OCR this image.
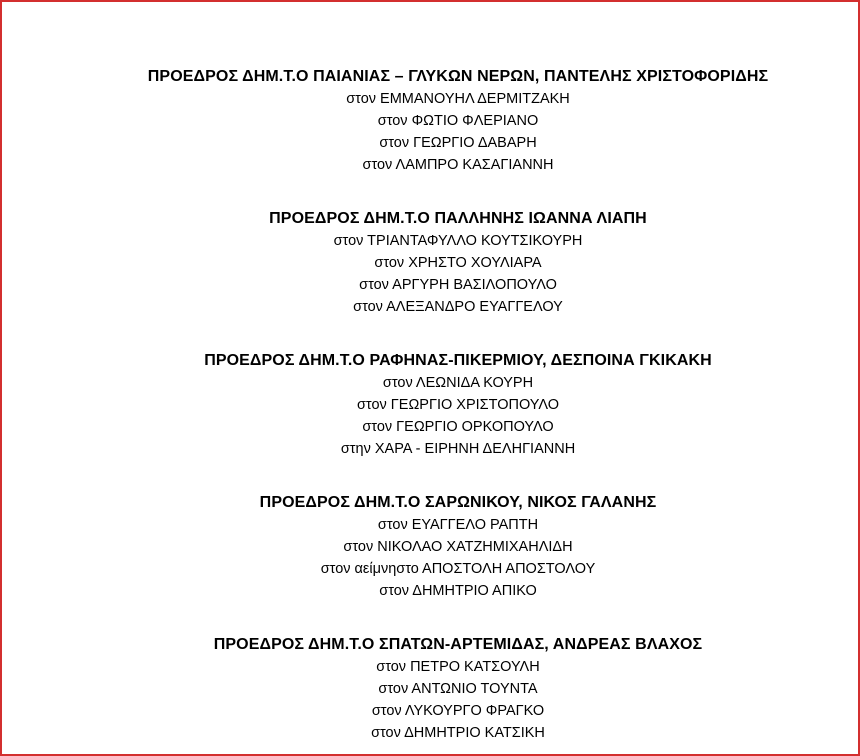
ΠΡΟΕΔΡΟΣ ΔΗΜ.Τ.Ο ΠΑΙΑΝΙΑΣ – ΓΛΥΚΩΝ ΝΕΡΩΝ, ΠΑΝΤΕΛΗΣ ΧΡΙΣΤΟΦΟΡΙΔΗΣ
στον ΕΜΜΑΝΟΥΗΛ ΔΕΡΜΙΤΖΑΚΗ
στον ΦΩΤΙΟ ΦΛΕΡΙΑΝΟ
στον ΓΕΩΡΓΙΟ ΔΑΒΑΡΗ
στον ΛΑΜΠΡΟ ΚΑΣΑΓΙΑΝΝΗ
ΠΡΟΕΔΡΟΣ ΔΗΜ.Τ.Ο ΠΑΛΛΗΝΗΣ ΙΩΑΝΝΑ ΛΙΑΠΗ
στον ΤΡΙΑΝΤΑΦΥΛΛΟ ΚΟΥΤΣΙΚΟΥΡΗ
στον ΧΡΗΣΤΟ ΧΟΥΛΙΑΡΑ
στον ΑΡΓΥΡΗ ΒΑΣΙΛΟΠΟΥΛΟ
στον ΑΛΕΞΑΝΔΡΟ ΕΥΑΓΓΕΛΟΥ
ΠΡΟΕΔΡΟΣ ΔΗΜ.Τ.Ο ΡΑΦΗΝΑΣ-ΠΙΚΕΡΜΙΟΥ, ΔΕΣΠΟΙΝΑ ΓΚΙΚΑΚΗ
στον ΛΕΩΝΙΔΑ ΚΟΥΡΗ
στον ΓΕΩΡΓΙΟ ΧΡΙΣΤΟΠΟΥΛΟ
στον ΓΕΩΡΓΙΟ ΟΡΚΟΠΟΥΛΟ
στην ΧΑΡΑ - ΕΙΡΗΝΗ ΔΕΛΗΓΙΑΝΝΗ
ΠΡΟΕΔΡΟΣ ΔΗΜ.Τ.Ο ΣΑΡΩΝΙΚΟΥ, ΝΙΚΟΣ ΓΑΛΑΝΗΣ
στον ΕΥΑΓΓΕΛΟ ΡΑΠΤΗ
στον ΝΙΚΟΛΑΟ ΧΑΤΖΗΜΙΧΑΗΛΙΔΗ
στον αείμνηστο ΑΠΟΣΤΟΛΗ ΑΠΟΣΤΟΛΟΥ
στον ΔΗΜΗΤΡΙΟ ΑΠΙΚΟ
ΠΡΟΕΔΡΟΣ ΔΗΜ.Τ.Ο ΣΠΑΤΩΝ-ΑΡΤΕΜΙΔΑΣ, ΑΝΔΡΕΑΣ ΒΛΑΧΟΣ
στον ΠΕΤΡΟ ΚΑΤΣΟΥΛΗ
στον ΑΝΤΩΝΙΟ ΤΟΥΝΤΑ
στον ΛΥΚΟΥΡΓΟ ΦΡΑΓΚΟ
στον ΔΗΜΗΤΡΙΟ ΚΑΤΣΙΚΗ
